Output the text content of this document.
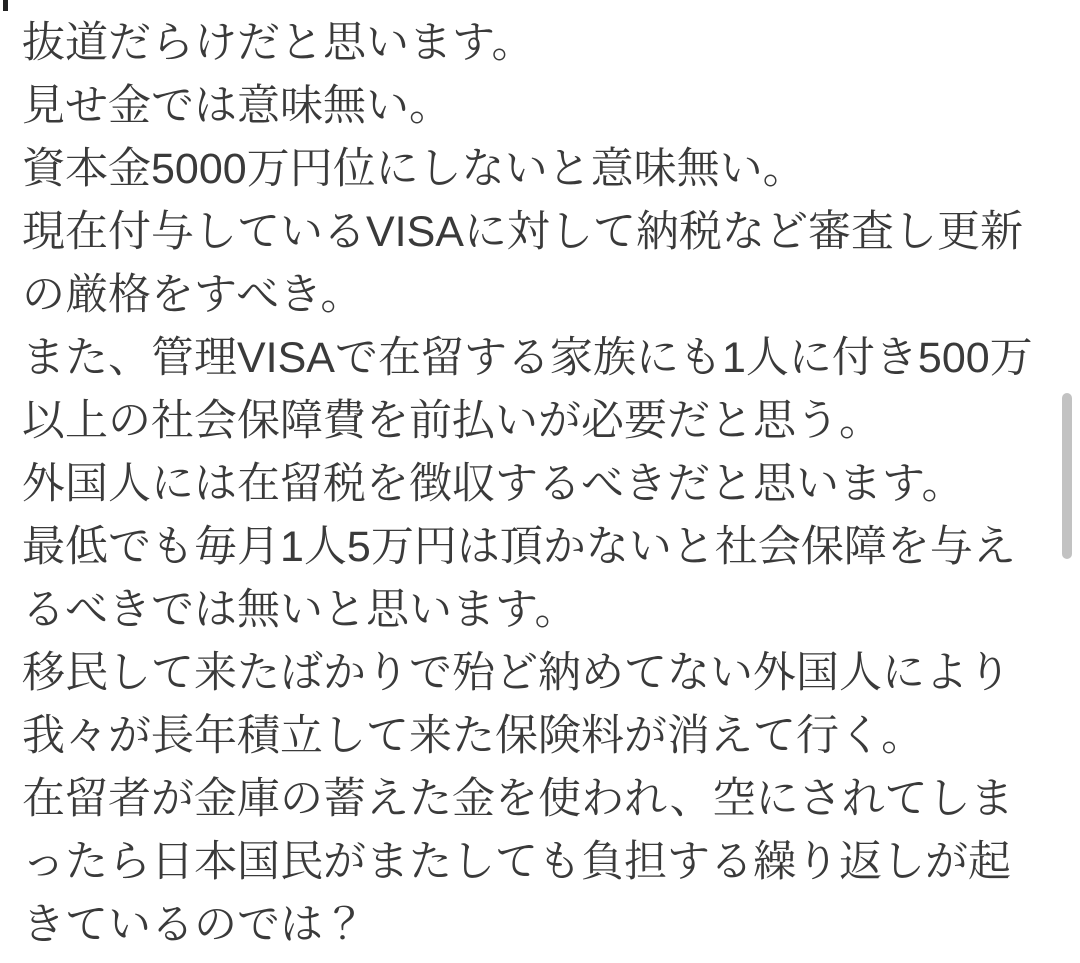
抜道だらけだと思います。
見せ金では意味無い。
資本金5000万円位にしないと意味無い。
現在付与しているVISAに対して納税など審査し更新
の厳格をすべき。
また、管理VISAで在留する家族にも1人に付き500万
以上の社会保障費を前払いが必要だと思う。
外国人には在留税を徴収するべきだと思います。
最低でも毎月1人5万円は頂かないと社会保障を与え
るべきでは無いと思います。
移民して来たばかりで殆ど納めてない外国人により
我々が長年積立して来た保険料が消えて行く。
在留者が金庫の蓄えた金を使われ、空にされてしま
ったら日本国民がまたしても負担する繰り返しが起
きているのでは？
